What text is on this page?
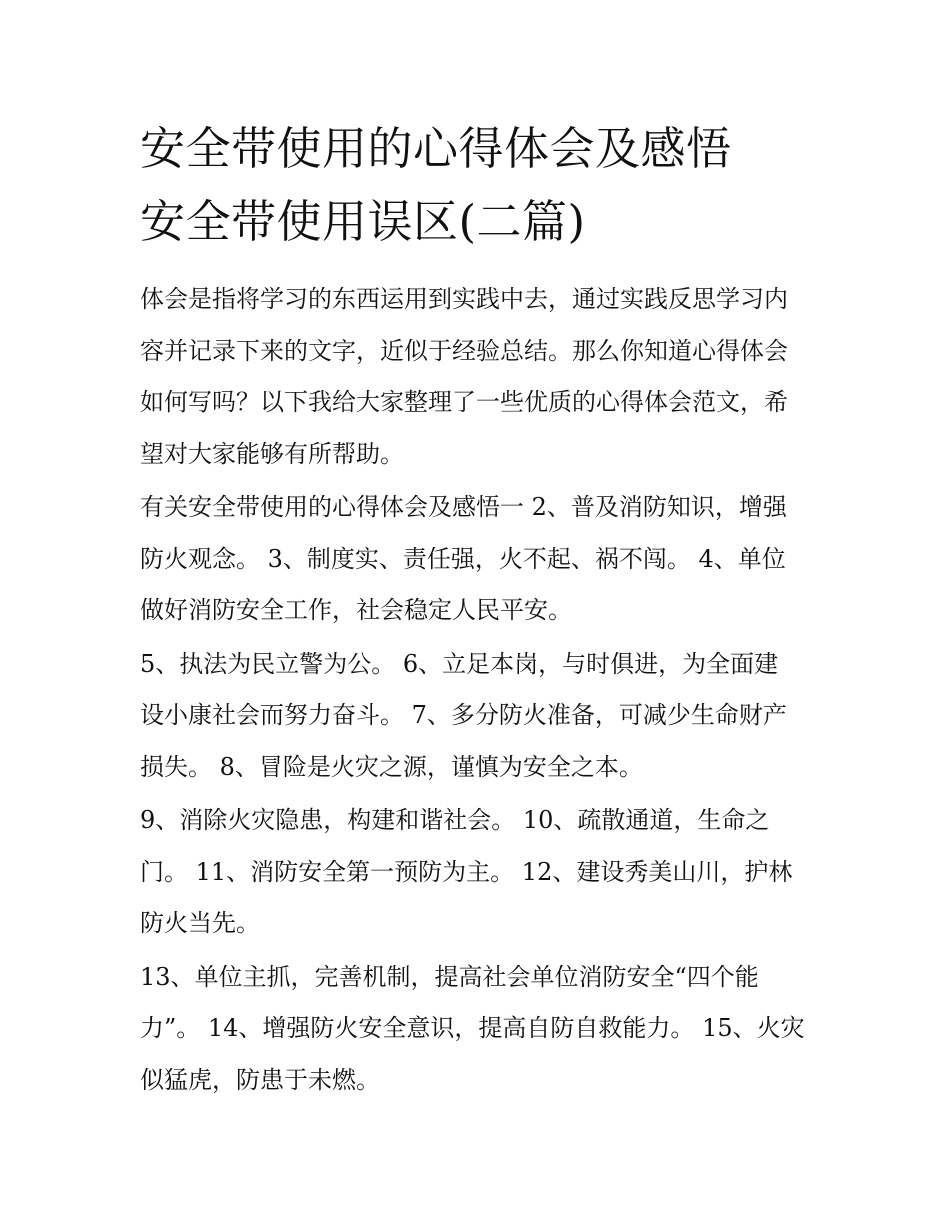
安全带使用的心得体会及感悟
安全带使用误区(二篇)

体会是指将学习的东西运用到实践中去，通过实践反思学习内
容并记录下来的文字，近似于经验总结。那么你知道心得体会
如何写吗？以下我给大家整理了一些优质的心得体会范文，希
望对大家能够有所帮助。

有关安全带使用的心得体会及感悟一 2、普及消防知识，增强
防火观念。 3、制度实、责任强，火不起、祸不闯。 4、单位
做好消防安全工作，社会稳定人民平安。

5、执法为民立警为公。 6、立足本岗，与时俱进，为全面建
设小康社会而努力奋斗。 7、多分防火准备，可减少生命财产
损失。 8、冒险是火灾之源，谨慎为安全之本。

9、消除火灾隐患，构建和谐社会。 10、疏散通道，生命之
门。 11、消防安全第一预防为主。 12、建设秀美山川，护林
防火当先。

13、单位主抓，完善机制，提高社会单位消防安全“四个能
力”。 14、增强防火安全意识，提高自防自救能力。 15、火灾
似猛虎，防患于未燃。
